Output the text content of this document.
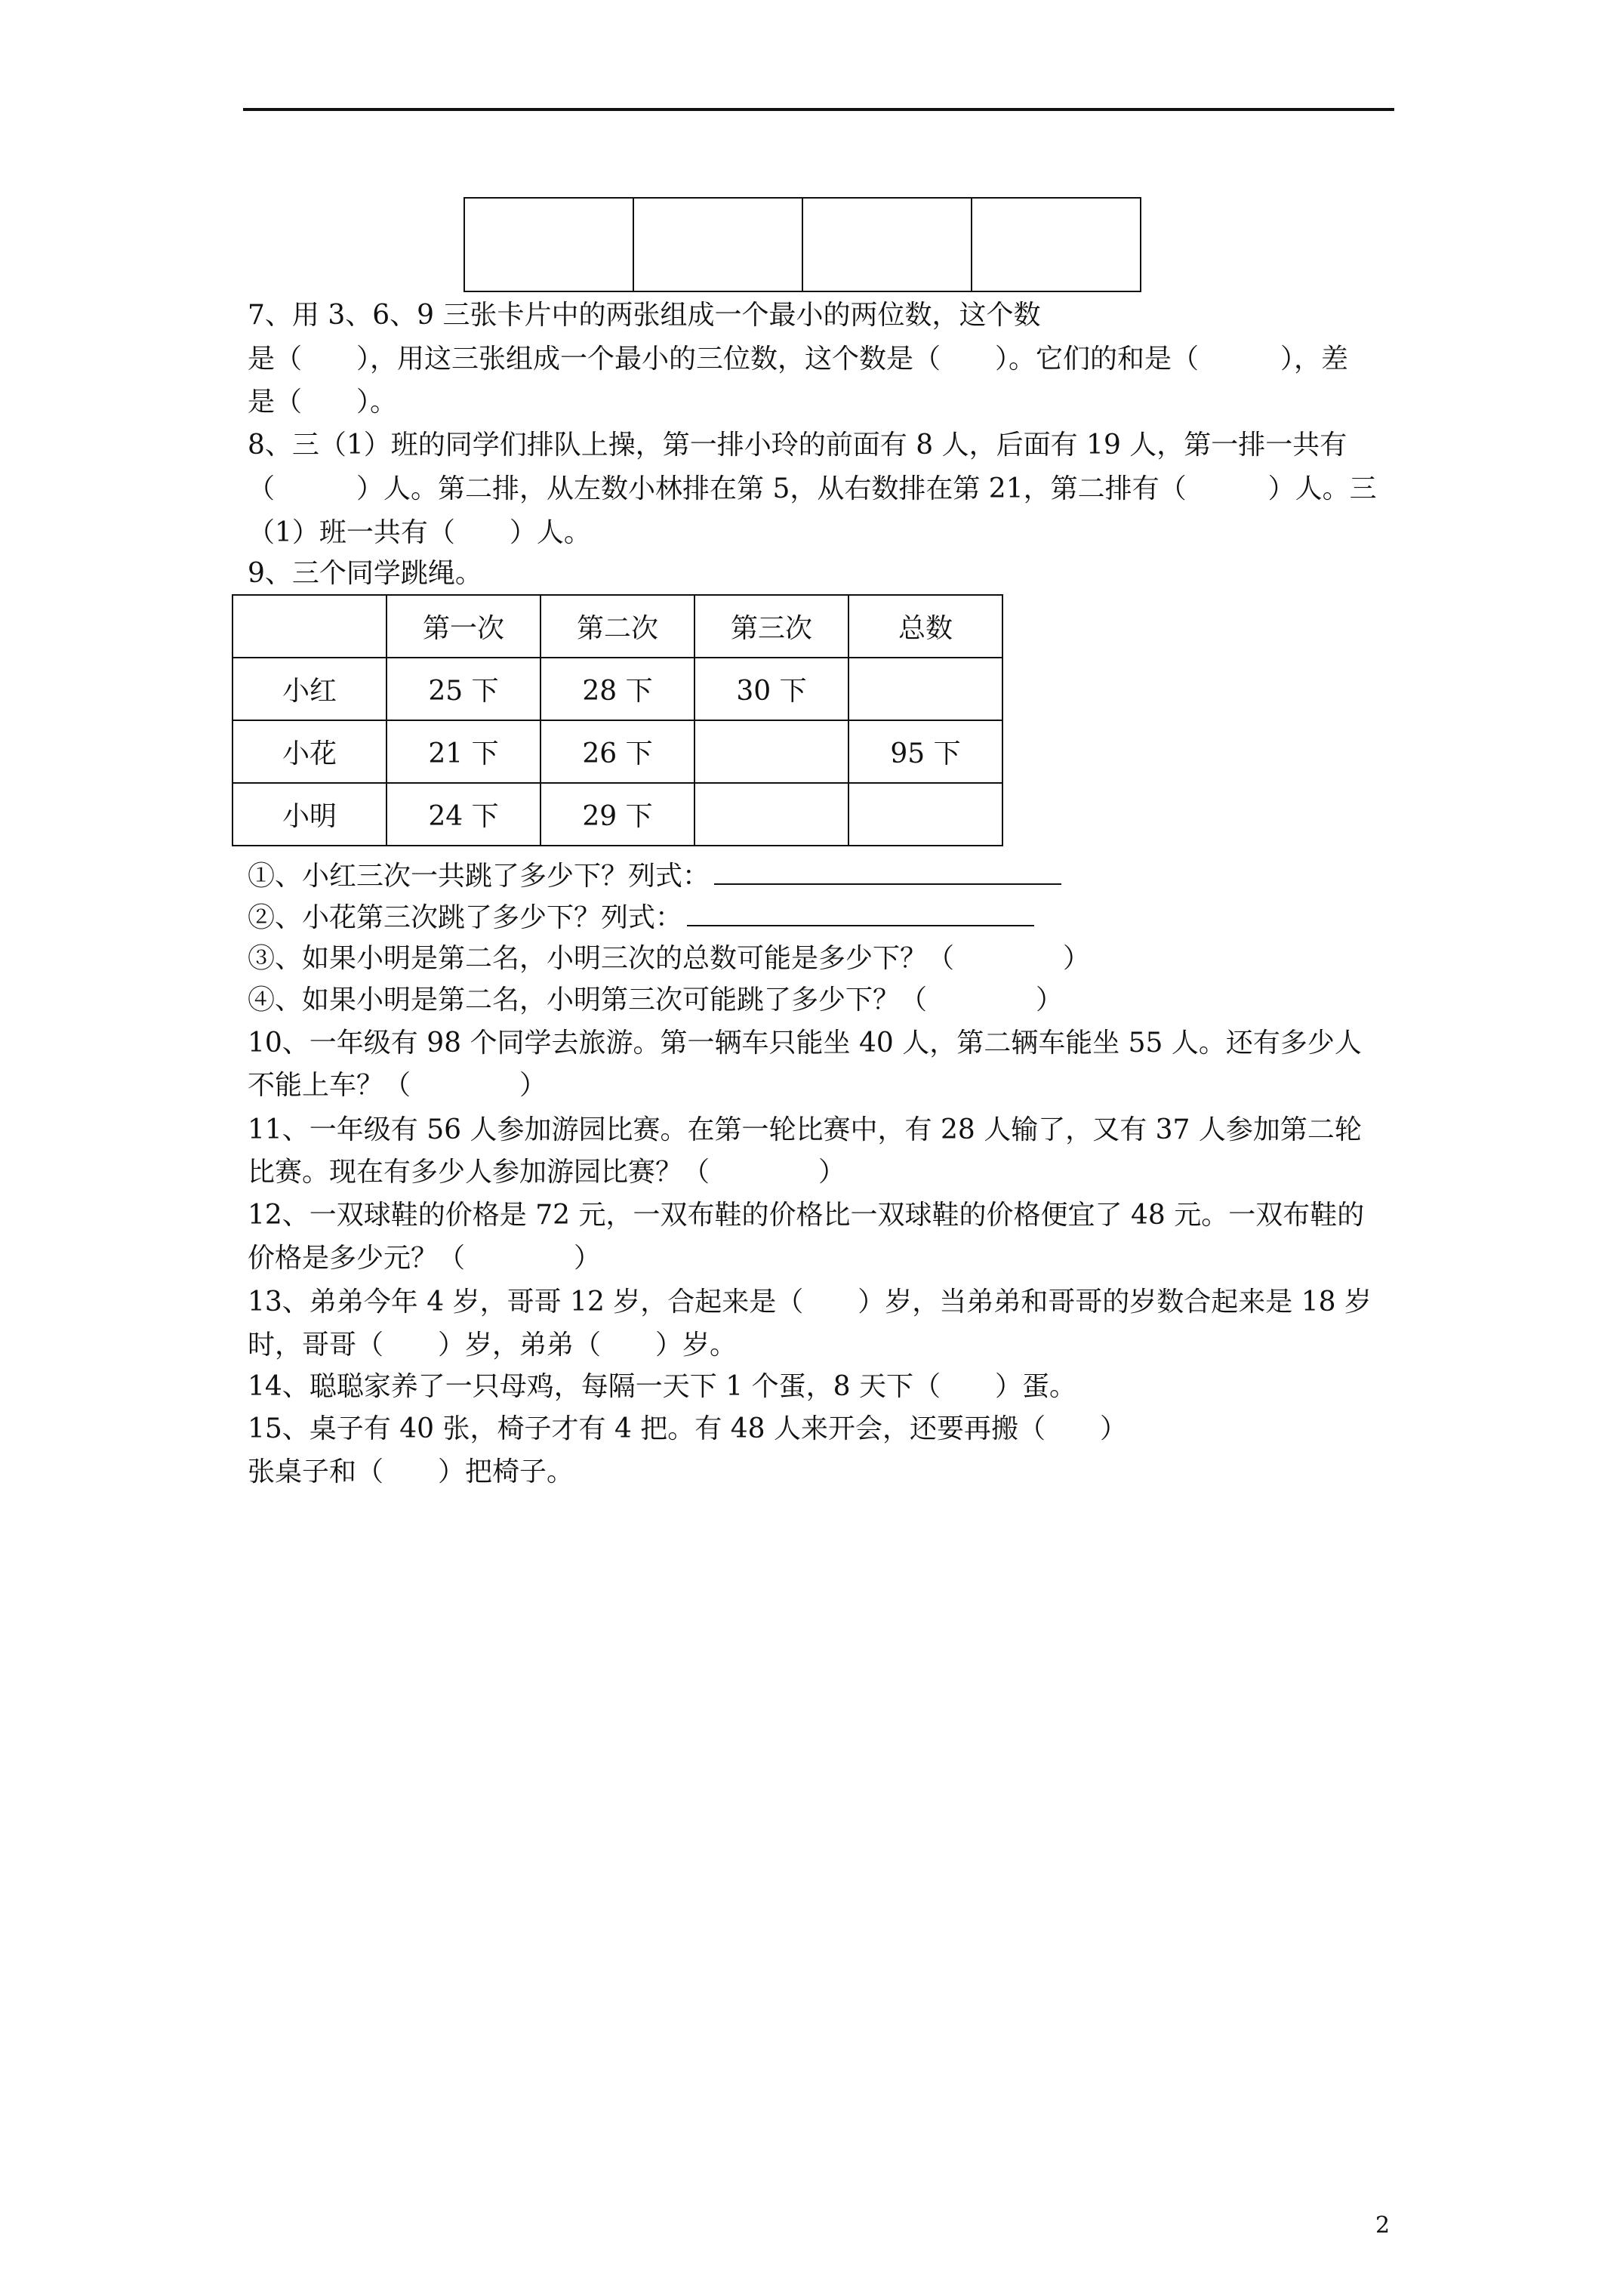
7、用 3、6、9 三张卡片中的两张组成一个最小的两位数，这个数
是（　　），用这三张组成一个最小的三位数，这个数是（　　）。它们的和是（　　　），差
是（　　）。
8、三（1）班的同学们排队上操，第一排小玲的前面有 8 人，后面有 19 人，第一排一共有
（　　　）人。第二排，从左数小林排在第 5，从右数排在第 21，第二排有（　　　）人。三
（1）班一共有（　　）人。
9、三个同学跳绳。
	第一次	第二次	第三次	总数
小红	25 下	28 下	30 下	
小花	21 下	26 下		95 下
小明	24 下	29 下		
①、小红三次一共跳了多少下？列式：
②、小花第三次跳了多少下？列式：
③、如果小明是第二名，小明三次的总数可能是多少下？（　　　　）
④、如果小明是第二名，小明第三次可能跳了多少下？（　　　　）
10、一年级有 98 个同学去旅游。第一辆车只能坐 40 人，第二辆车能坐 55 人。还有多少人
不能上车？（　　　　）
11、一年级有 56 人参加游园比赛。在第一轮比赛中，有 28 人输了，又有 37 人参加第二轮
比赛。现在有多少人参加游园比赛？（　　　　）
12、一双球鞋的价格是 72 元，一双布鞋的价格比一双球鞋的价格便宜了 48 元。一双布鞋的
价格是多少元？（　　　　）
13、弟弟今年 4 岁，哥哥 12 岁，合起来是（　　）岁，当弟弟和哥哥的岁数合起来是 18 岁
时，哥哥（　　）岁，弟弟（　　）岁。
14、聪聪家养了一只母鸡，每隔一天下 1 个蛋，8 天下（　　）蛋。
15、桌子有 40 张，椅子才有 4 把。有 48 人来开会，还要再搬（　　）
张桌子和（　　）把椅子。
2
